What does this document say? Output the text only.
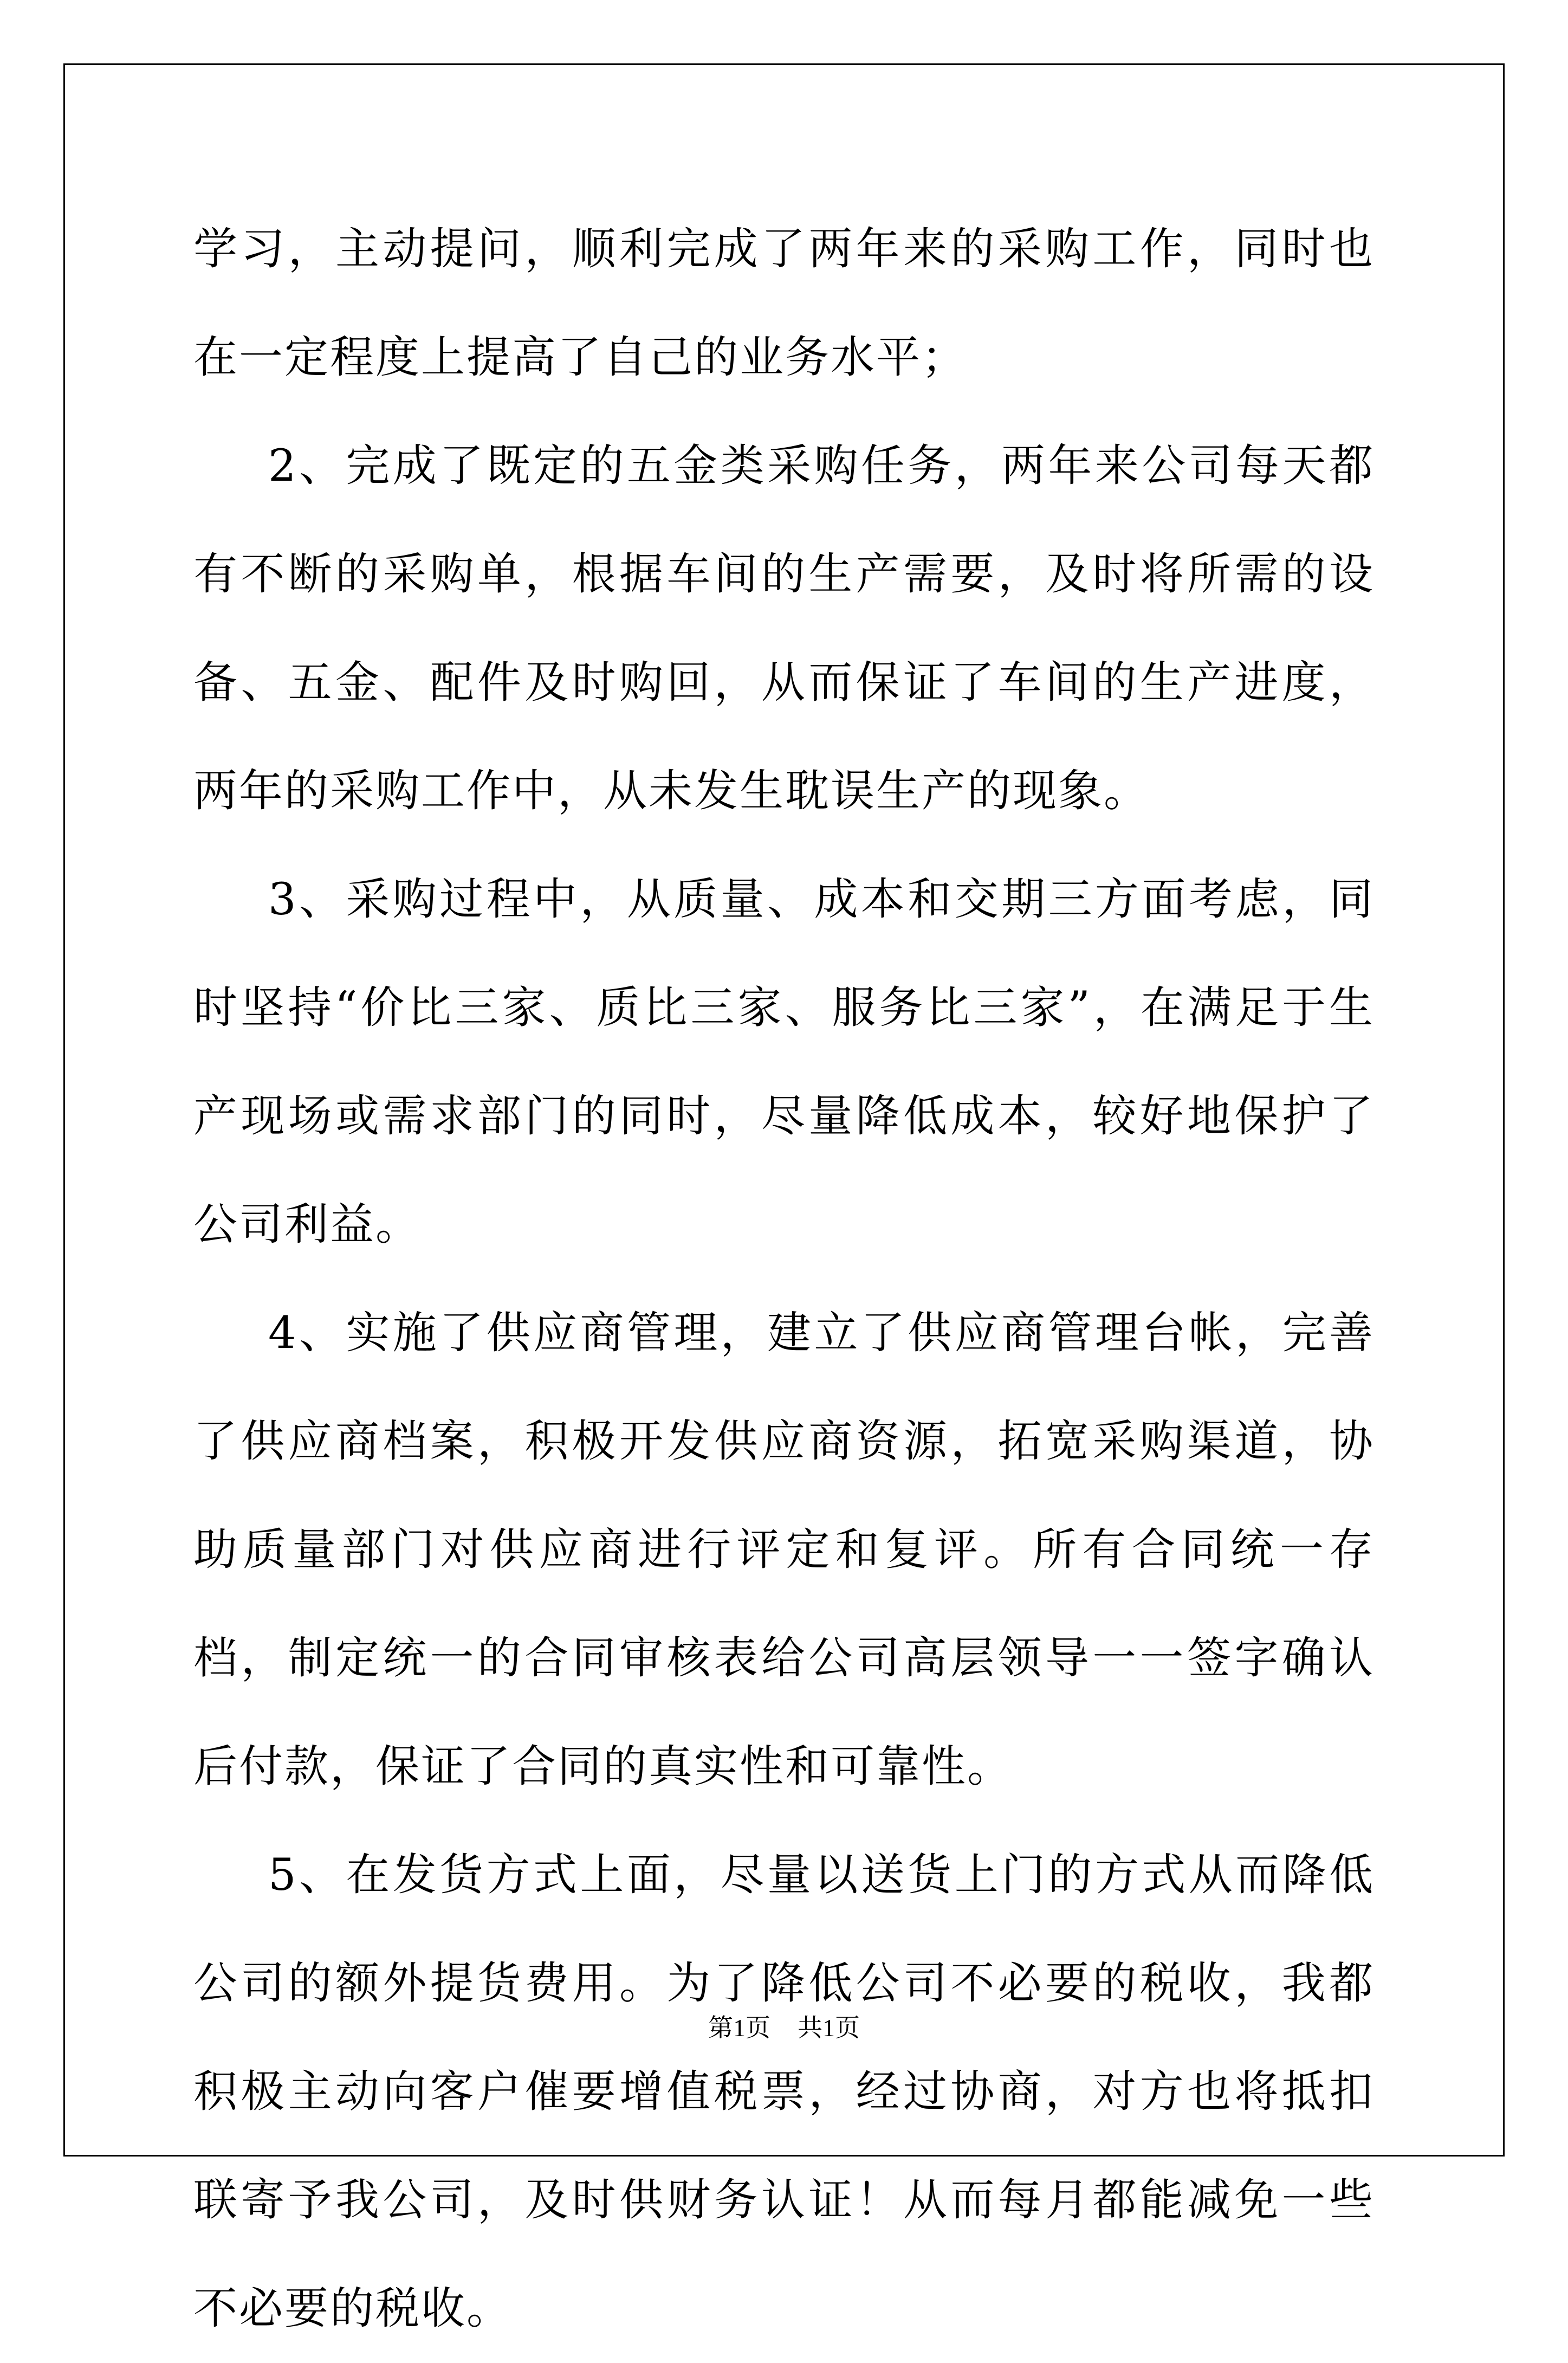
学习，主动提问，顺利完成了两年来的采购工作，同时也在一定程度上提高了自己的业务水平；

2、完成了既定的五金类采购任务，两年来公司每天都有不断的采购单，根据车间的生产需要，及时将所需的设备、五金、配件及时购回，从而保证了车间的生产进度，两年的采购工作中，从未发生耽误生产的现象。

3、采购过程中，从质量、成本和交期三方面考虑，同时坚持“价比三家、质比三家、服务比三家”，在满足于生产现场或需求部门的同时，尽量降低成本，较好地保护了公司利益。

4、实施了供应商管理，建立了供应商管理台帐，完善了供应商档案，积极开发供应商资源，拓宽采购渠道，协助质量部门对供应商进行评定和复评。所有合同统一存档，制定统一的合同审核表给公司高层领导一一签字确认后付款，保证了合同的真实性和可靠性。

5、在发货方式上面，尽量以送货上门的方式从而降低公司的额外提货费用。为了降低公司不必要的税收，我都积极主动向客户催要增值税票，经过协商，对方也将抵扣联寄予我公司，及时供财务认证！从而每月都能减免一些不必要的税收。

第1页 共1页
